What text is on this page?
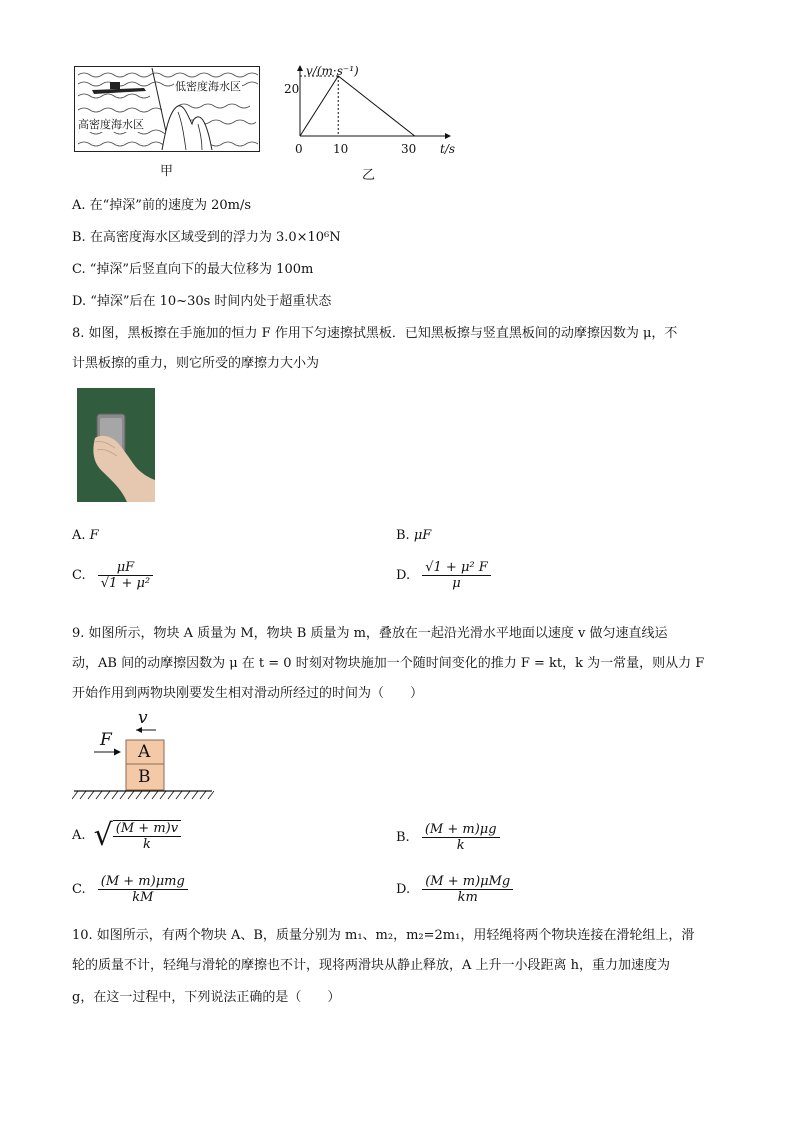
低密度海水区
高密度海水区
甲
v/(m·s⁻¹)
20
0	10	30 t/s
乙
A. 在“掉深”前的速度为 20m/s
B. 在高密度海水区域受到的浮力为 3.0×10⁶N
C. “掉深”后竖直向下的最大位移为 100m
D. “掉深”后在 10~30s 时间内处于超重状态
8. 如图，黑板擦在手施加的恒力 F 作用下匀速擦拭黑板．已知黑板擦与竖直黑板间的动摩擦因数为 μ，不
计黑板擦的重力，则它所受的摩擦力大小为
A. F	B. μF
C. $\frac{\mu F}{\text{√1 + μ²}}$	D. $\frac{\text{√1 + μ² F}}{\mu}$
9. 如图所示，物块 A 质量为 M，物块 B 质量为 m，叠放在一起沿光滑水平地面以速度 v 做匀速直线运
动，AB 间的动摩擦因数为 μ 在 t = 0 时刻对物块施加一个随时间变化的推力 F = kt，k 为一常量，则从力 F
开始作用到两物块刚要发生相对滑动所经过的时间为（　　）
F
v
A
B
A. √ $\frac{(M + m)v}{k}$	B. $\frac{(M + m)\mu g}{k}$
C. $\frac{\text{(M + m)μmg}}{kM}$	D. $\frac{\text{(M + m)μMg}}{km}$
10. 如图所示，有两个物块 A、B，质量分别为 m₁、m₂，m₂=2m₁，用轻绳将两个物块连接在滑轮组上，滑
轮的质量不计，轻绳与滑轮的摩擦也不计，现将两滑块从静止释放，A 上升一小段距离 h，重力加速度为
g，在这一过程中，下列说法正确的是（　　）
